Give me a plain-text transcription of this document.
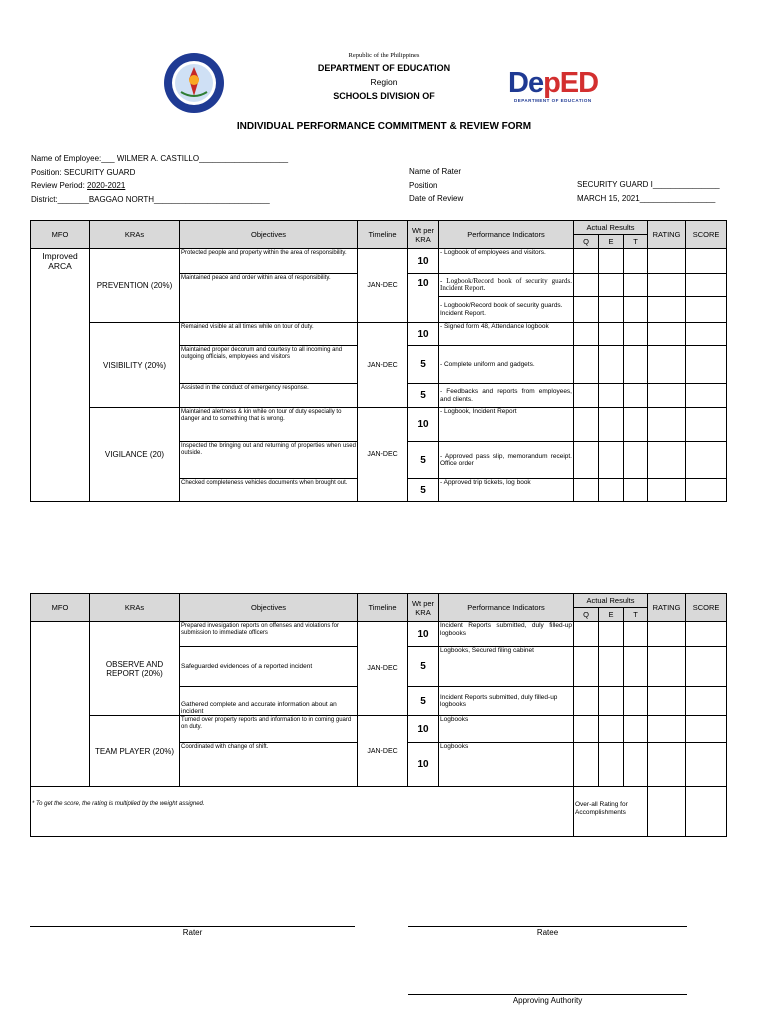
Republic of the Philippines
DEPARTMENT OF EDUCATION
Region
SCHOOLS DIVISION OF	DepED
DEPARTMENT OF EDUCATION
INDIVIDUAL PERFORMANCE COMMITMENT & REVIEW FORM
Name of Employee:___ WILMER A. CASTILLO____________________
Position: SECURITY GUARD
Review Period: 2020-2021
District:_______BAGGAO NORTH__________________________
Name of Rater
Position
Date of Review
SECURITY GUARD I_______________
MARCH 15, 2021_________________
MFO	KRAs	Objectives	Timeline	Wt per KRA	Performance Indicators	Actual Results			RATING	SCORE
						Q	E	T		
Improved ARCA	PREVENTION (20%)	Protected people and property within the area of responsibility.	JAN-DEC	10	- Logbook of employees and visitors.					
		Maintained peace and order within area of responsibility.		10	- Logbook/Record book of security guards. Incident Report.					
					- Logbook/Record book of security guards. Incident Report.					
	VISIBILITY (20%)	Remained visible at all times while on tour of duty.	JAN-DEC	10	- Signed form 48, Attendance logbook					
		Maintained proper decorum and courtesy to all incoming and outgoing officials, employees and visitors		5	- Complete uniform and gadgets.					
		Assisted in the conduct of emergency response.		5	- Feedbacks and reports from employees, and clients.					
	VIGILANCE (20)	Maintained alertness & kin while on tour of duty especially to danger and to something that is wrong.	JAN-DEC	10	- Logbook, Incident Report					
		Inspected the bringing out and returning of properties when used outside.		5	- Approved pass slip, memorandum receipt. Office order					
		Checked completeness vehicles documents when brought out.		5	- Approved trip tickets, log book					
MFO	KRAs	Objectives	Timeline	Wt per KRA	Performance Indicators	Actual Results			RATING	SCORE
						Q	E	T		
	OBSERVE AND REPORT (20%)	Prepared invesigation reports on offenses and violations for submission to immediate officers	JAN-DEC	10	Incident Reports submitted, duly filled-up logbooks					
		Safeguarded evidences of a reported incident		5	Logbooks, Secured filing cabinet					
		Gathered complete and accurate information about an incident		5	Incident Reports submitted, duly filled-up logbooks					
	TEAM PLAYER (20%)	Turned over property reports and information to in coming guard on duty.	JAN-DEC	10	Logbooks					
		Coordinated with change of shift.		10	Logbooks					
* To get the score, the rating is multiplied by the weight assigned.						Over-all Rating for Accomplishments				
Rater	Ratee
Approving Authority
